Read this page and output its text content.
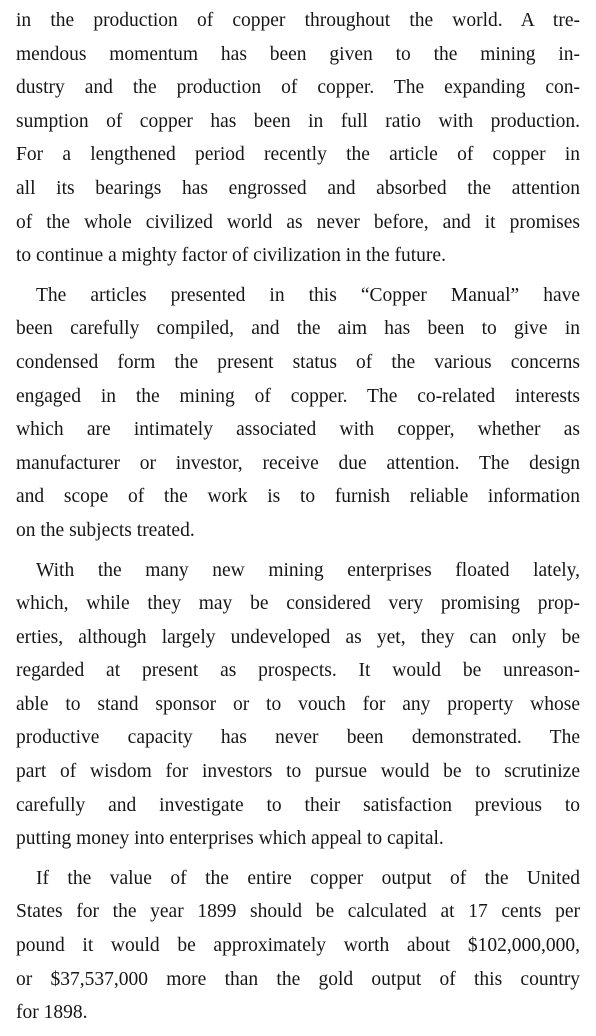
in the production of copper throughout the world. A tre-
mendous momentum has been given to the mining in-
dustry and the production of copper. The expanding con-
sumption of copper has been in full ratio with production.
For a lengthened period recently the article of copper in
all its bearings has engrossed and absorbed the attention
of the whole civilized world as never before, and it promises
to continue a mighty factor of civilization in the future.
The articles presented in this “Copper Manual” have
been carefully compiled, and the aim has been to give in
condensed form the present status of the various concerns
engaged in the mining of copper. The co-related interests
which are intimately associated with copper, whether as
manufacturer or investor, receive due attention. The design
and scope of the work is to furnish reliable information
on the subjects treated.
With the many new mining enterprises floated lately,
which, while they may be considered very promising prop-
erties, although largely undeveloped as yet, they can only be
regarded at present as prospects. It would be unreason-
able to stand sponsor or to vouch for any property whose
productive capacity has never been demonstrated. The
part of wisdom for investors to pursue would be to scrutinize
carefully and investigate to their satisfaction previous to
putting money into enterprises which appeal to capital.
If the value of the entire copper output of the United
States for the year 1899 should be calculated at 17 cents per
pound it would be approximately worth about $102,000,000,
or $37,537,000 more than the gold output of this country
for 1898.
